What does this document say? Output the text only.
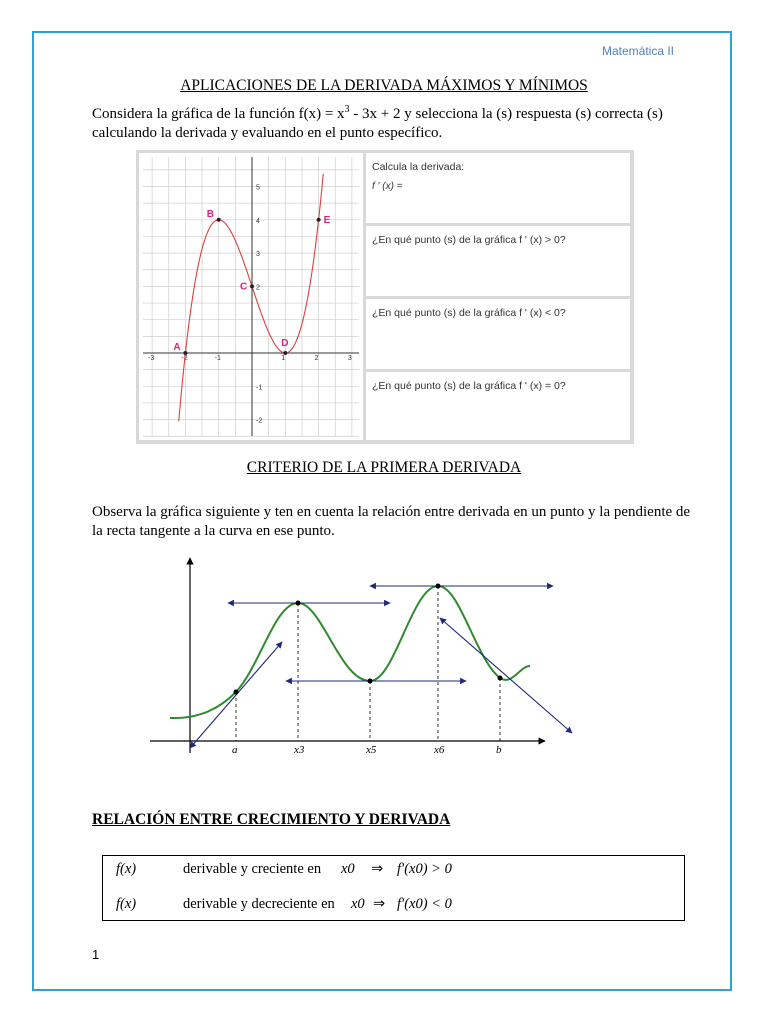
Matemática II
APLICACIONES DE LA DERIVADA MÁXIMOS Y MÍNIMOS
Considera la gráfica de la función $f(x) = x^3 - 3x + 2$ y selecciona la (s) respuesta (s) correcta (s) calculando la derivada y evaluando en el punto específico.
-3	-2	-1	1	2	3
5
4
3
2
-1
-2
A
B
C
D
E
Calcula la derivada:
f ' (x) =
¿En qué punto (s) de la gráfica f ' (x) > 0?
¿En qué punto (s) de la gráfica f ' (x) < 0?
¿En qué punto (s) de la gráfica f ' (x) = 0?
CRITERIO DE LA PRIMERA DERIVADA
Observa la gráfica siguiente y ten en cuenta la relación entre derivada en un punto y la pendiente de la recta tangente a la curva en ese punto.
a	x3	x5	x6	b
RELACIÓN ENTRE CRECIMIENTO Y DERIVADA
f(x)	derivable y creciente en x0 ⇒ f′(x0) > 0
f(x)	derivable y decreciente en x0 ⇒ f′(x0) < 0
1
